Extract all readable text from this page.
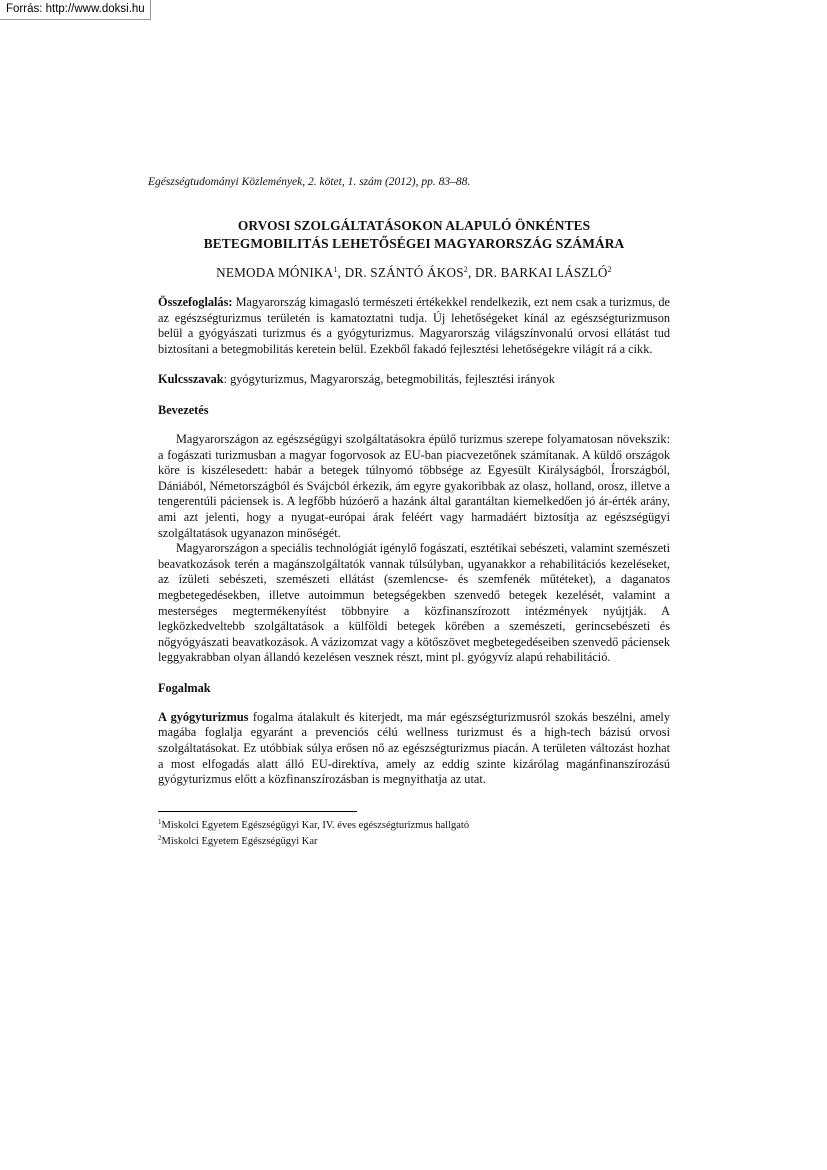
Forrás: http://www.doksi.hu
Egészségtudományi Közlemények, 2. kötet, 1. szám (2012), pp. 83–88.
ORVOSI SZOLGÁLTATÁSOKON ALAPULÓ ÖNKÉNTES
BETEGMOBILITÁS LEHETŐSÉGEI MAGYARORSZÁG SZÁMÁRA
NEMODA MÓNIKA$^1$, DR. SZÁNTÓ ÁKOS$^2$, DR. BARKAI LÁSZLÓ$^2$

Összefoglalás: Magyarország kimagasló természeti értékekkel rendelkezik, ezt nem csak a turizmus, de az egészségturizmus területén is kamatoztatni tudja. Új lehetőségeket kínál az egészségturizmuson belül a gyógyászati turizmus és a gyógyturizmus. Magyarország világszínvonalú orvosi ellátást tud biztosítani a betegmobilitás keretein belül. Ezekből fakadó fejlesztési lehetőségekre világít rá a cikk.

Kulcsszavak: gyógyturizmus, Magyarország, betegmobilitás, fejlesztési irányok

Bevezetés

Magyarországon az egészségügyi szolgáltatásokra épülő turizmus szerepe folyamatosan növekszik: a fogászati turizmusban a magyar fogorvosok az EU-ban piacvezetőnek számítanak. A küldő országok köre is kiszélesedett: habár a betegek túlnyomó többsége az Egyesült Királyságból, Írországból, Dániából, Németországból és Svájcból érkezik, ám egyre gyakoribbak az olasz, holland, orosz, illetve a tengerentúli páciensek is. A legfőbb húzóerő a hazánk által garantáltan kiemelkedően jó ár-érték arány, ami azt jelenti, hogy a nyugat-európai árak feléért vagy harmadáért biztosítja az egészségügyi szolgáltatások ugyanazon minőségét.

Magyarországon a speciális technológiát igénylő fogászati, esztétikai sebészeti, valamint szemészeti beavatkozások terén a magánszolgáltatók vannak túlsúlyban, ugyanakkor a rehabilitációs kezeléseket, az ízületi sebészeti, szemészeti ellátást (szemlencse- és szemfenék műtéteket), a daganatos megbetegedésekben, illetve autoimmun betegségekben szenvedő betegek kezelését, valamint a mesterséges megtermékenyítést többnyire a közfinanszírozott intézmények nyújtják. A legközkedveltebb szolgáltatások a külföldi betegek körében a szemészeti, gerincsebészeti és nőgyógyászati beavatkozások. A vázizomzat vagy a kötőszövet megbetegedéseiben szenvedő páciensek leggyakrabban olyan állandó kezelésen vesznek részt, mint pl. gyógyvíz alapú rehabilitáció.

Fogalmak

A gyógyturizmus fogalma átalakult és kiterjedt, ma már egészségturizmusról szokás beszélni, amely magába foglalja egyaránt a prevenciós célú wellness turizmust és a high-tech bázisú orvosi szolgáltatásokat. Ez utóbbiak súlya erősen nő az egészségturizmus piacán. A területen változást hozhat a most elfogadás alatt álló EU-direktíva, amely az eddig szinte kizárólag magánfinanszírozású gyógyturizmus előtt a közfinanszírozásban is megnyithatja az utat.

$^1$Miskolci Egyetem Egészségügyi Kar, IV. éves egészségturizmus hallgató
$^2$Miskolci Egyetem Egészségügyi Kar
